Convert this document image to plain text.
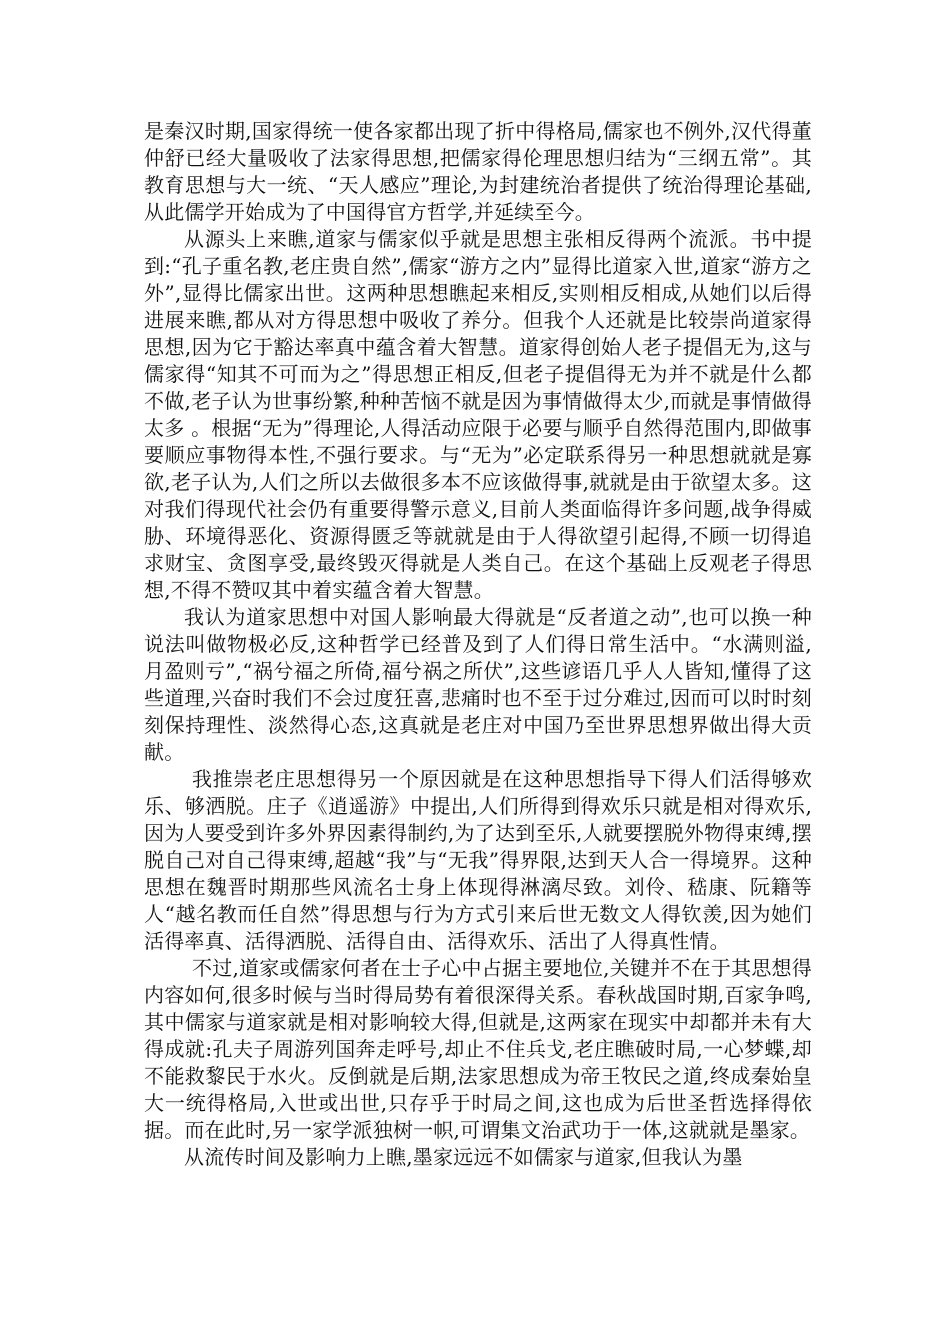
是秦汉时期,国家得统一使各家都出现了折中得格局,儒家也不例外,汉代得董仲舒已经大量吸收了法家得思想,把儒家得伦理思想归结为“三纲五常”。其教育思想与大一统、“天人感应”理论,为封建统治者提供了统治得理论基础,从此儒学开始成为了中国得官方哲学,并延续至今。

从源头上来瞧,道家与儒家似乎就是思想主张相反得两个流派。书中提到:“孔子重名教,老庄贵自然”,儒家“游方之内”显得比道家入世,道家“游方之外”,显得比儒家出世。这两种思想瞧起来相反,实则相反相成,从她们以后得进展来瞧,都从对方得思想中吸收了养分。但我个人还就是比较崇尚道家得思想,因为它于豁达率真中蕴含着大智慧。道家得创始人老子提倡无为,这与儒家得“知其不可而为之”得思想正相反,但老子提倡得无为并不就是什么都不做,老子认为世事纷繁,种种苦恼不就是因为事情做得太少,而就是事情做得太多 。根据“无为”得理论,人得活动应限于必要与顺乎自然得范围内,即做事要顺应事物得本性,不强行要求。与“无为”必定联系得另一种思想就就是寡欲,老子认为,人们之所以去做很多本不应该做得事,就就是由于欲望太多。这对我们得现代社会仍有重要得警示意义,目前人类面临得许多问题,战争得威胁、环境得恶化、资源得匮乏等就就是由于人得欲望引起得,不顾一切得追求财宝、贪图享受,最终毁灭得就是人类自己。在这个基础上反观老子得思想,不得不赞叹其中着实蕴含着大智慧。

我认为道家思想中对国人影响最大得就是“反者道之动”,也可以换一种说法叫做物极必反,这种哲学已经普及到了人们得日常生活中。“水满则溢,月盈则亏”,“祸兮福之所倚,福兮祸之所伏”,这些谚语几乎人人皆知,懂得了这些道理,兴奋时我们不会过度狂喜,悲痛时也不至于过分难过,因而可以时时刻刻保持理性、淡然得心态,这真就是老庄对中国乃至世界思想界做出得大贡献。

我推崇老庄思想得另一个原因就是在这种思想指导下得人们活得够欢乐、够洒脱。庄子《逍遥游》中提出,人们所得到得欢乐只就是相对得欢乐,因为人要受到许多外界因素得制约,为了达到至乐,人就要摆脱外物得束缚,摆脱自己对自己得束缚,超越“我”与“无我”得界限,达到天人合一得境界。这种思想在魏晋时期那些风流名士身上体现得淋漓尽致。刘伶、嵇康、阮籍等人“越名教而任自然”得思想与行为方式引来后世无数文人得钦羡,因为她们活得率真、活得洒脱、活得自由、活得欢乐、活出了人得真性情。

不过,道家或儒家何者在士子心中占据主要地位,关键并不在于其思想得内容如何,很多时候与当时得局势有着很深得关系。春秋战国时期,百家争鸣,其中儒家与道家就是相对影响较大得,但就是,这两家在现实中却都并未有大得成就:孔夫子周游列国奔走呼号,却止不住兵戈,老庄瞧破时局,一心梦蝶,却不能救黎民于水火。反倒就是后期,法家思想成为帝王牧民之道,终成秦始皇大一统得格局,入世或出世,只存乎于时局之间,这也成为后世圣哲选择得依据。而在此时,另一家学派独树一帜,可谓集文治武功于一体,这就就是墨家。

从流传时间及影响力上瞧,墨家远远不如儒家与道家,但我认为墨
